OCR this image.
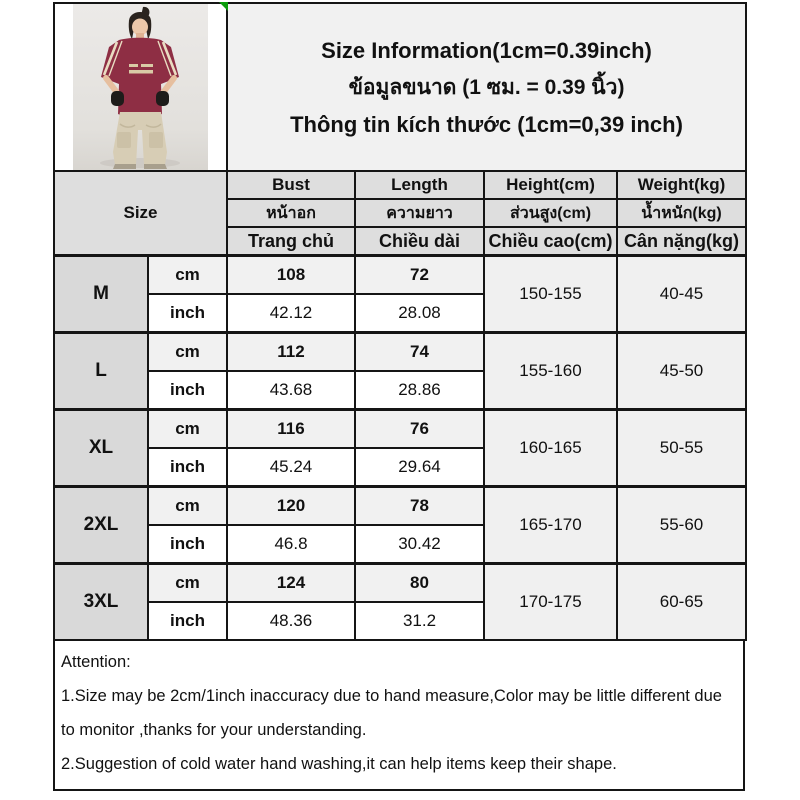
Size Information(1cm=0.39inch)
ข้อมูลขนาด (1 ซม. = 0.39 นิ้ว)
Thông tin kích thước (1cm=0,39 inch)			

Size		Bust	Length	Height(cm)	Weight(kg)
		หน้าอก	ความยาว	ส่วนสูง(cm)	น้ำหนัก(kg)
		Trang chủ	Chiều dài	Chiều cao(cm)	Cân nặng(kg)
M	cm	108	72	150-155	40-45
	inch	42.12	28.08		
L	cm	112	74	155-160	45-50
	inch	43.68	28.86		
XL	cm	116	76	160-165	50-55
	inch	45.24	29.64		
2XL	cm	120	78	165-170	55-60
	inch	46.8	30.42		
3XL	cm	124	80	170-175	60-65
	inch	48.36	31.2		

Attention:

1.Size may be 2cm/1inch inaccuracy due to hand measure,Color may be little different due to monitor ,thanks for your understanding.

2.Suggestion of cold water hand washing,it can help items keep their shape.
